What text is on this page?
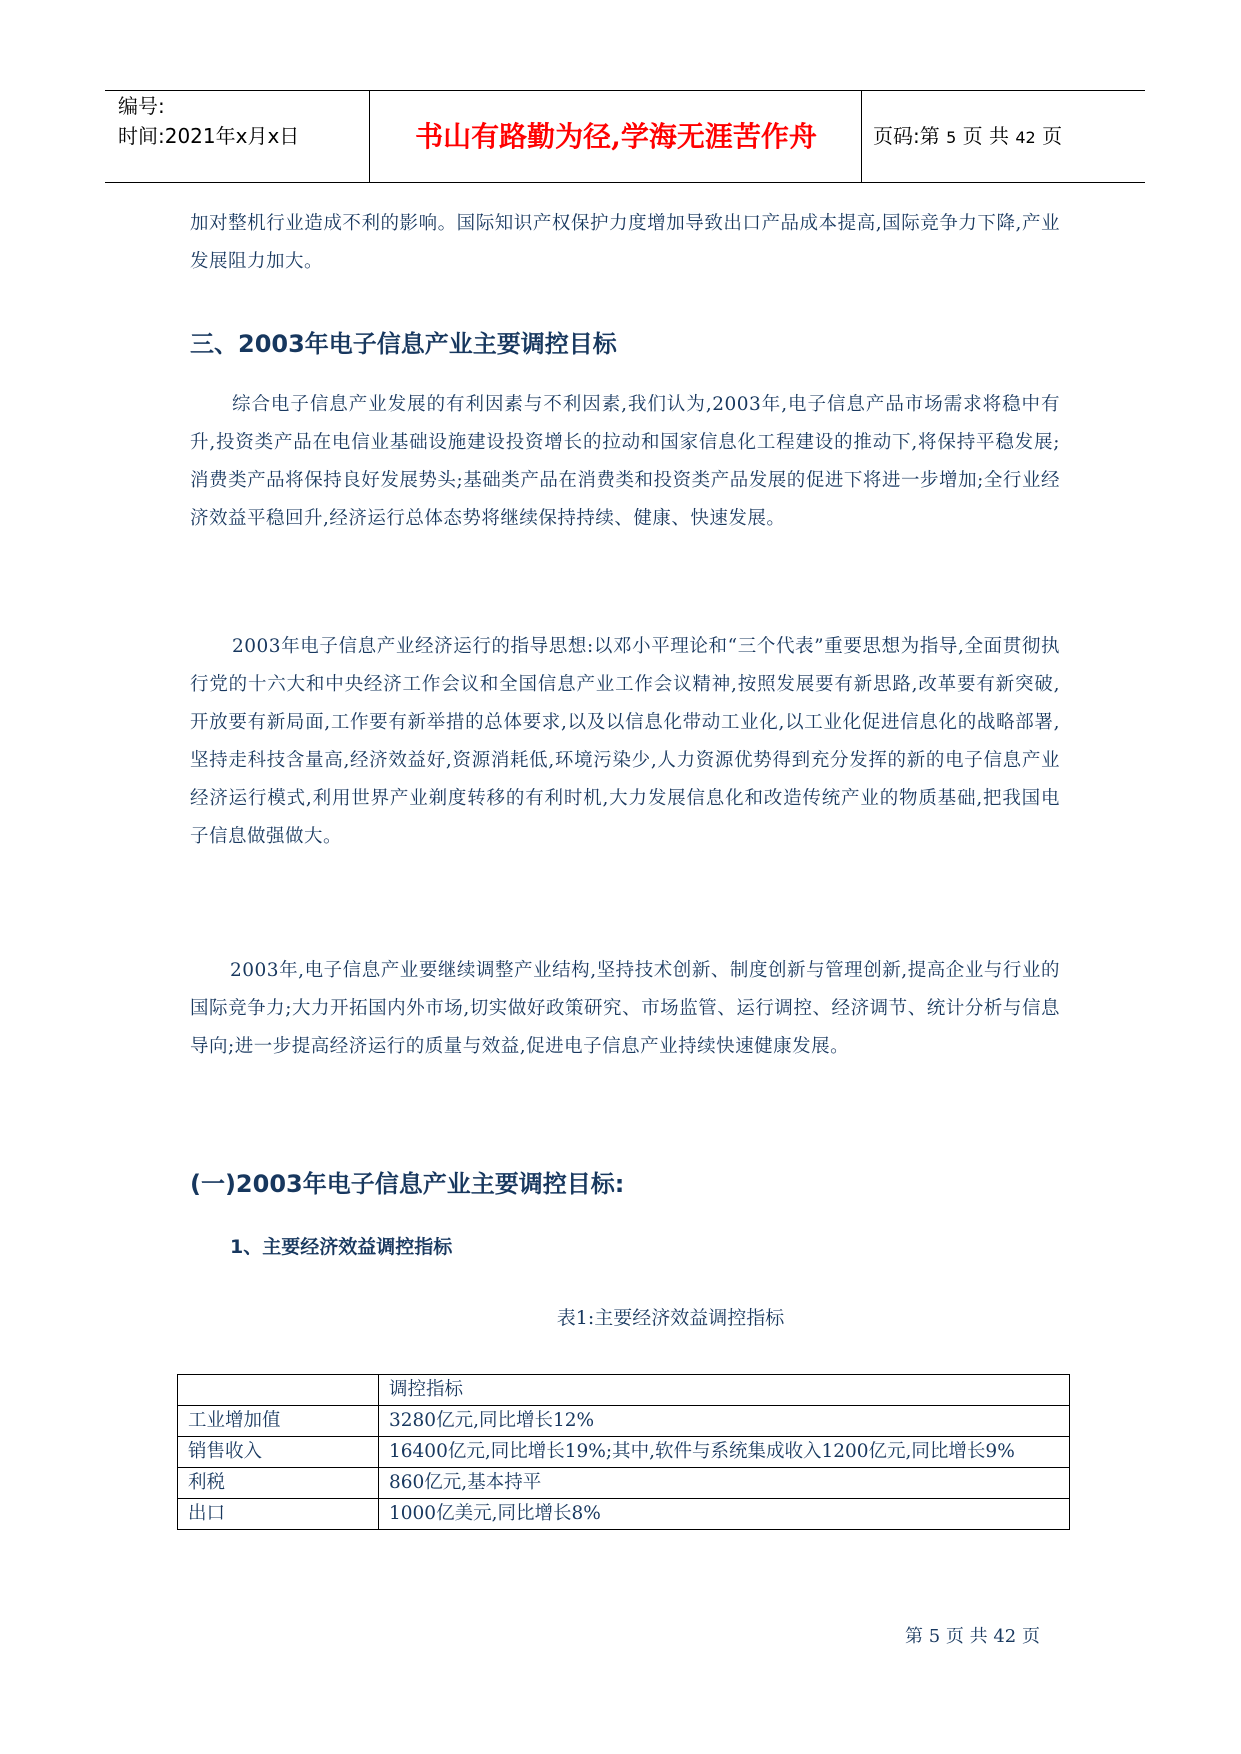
编号:
时间:2021年x月x日	书山有路勤为径,学海无涯苦作舟	页码:第 5 页 共 42 页

加对整机行业造成不利的影响。国际知识产权保护力度增加导致出口产品成本提高,国际竞争力下降,产业发展阻力加大。

三、2003年电子信息产业主要调控目标

综合电子信息产业发展的有利因素与不利因素,我们认为,2003年,电子信息产品市场需求将稳中有升,投资类产品在电信业基础设施建设投资增长的拉动和国家信息化工程建设的推动下,将保持平稳发展;消费类产品将保持良好发展势头;基础类产品在消费类和投资类产品发展的促进下将进一步增加;全行业经济效益平稳回升,经济运行总体态势将继续保持持续、健康、快速发展。

2003年电子信息产业经济运行的指导思想:以邓小平理论和“三个代表”重要思想为指导,全面贯彻执行党的十六大和中央经济工作会议和全国信息产业工作会议精神,按照发展要有新思路,改革要有新突破,开放要有新局面,工作要有新举措的总体要求,以及以信息化带动工业化,以工业化促进信息化的战略部署,坚持走科技含量高,经济效益好,资源消耗低,环境污染少,人力资源优势得到充分发挥的新的电子信息产业经济运行模式,利用世界产业剃度转移的有利时机,大力发展信息化和改造传统产业的物质基础,把我国电子信息做强做大。

2003年,电子信息产业要继续调整产业结构,坚持技术创新、制度创新与管理创新,提高企业与行业的国际竞争力;大力开拓国内外市场,切实做好政策研究、市场监管、运行调控、经济调节、统计分析与信息导向;进一步提高经济运行的质量与效益,促进电子信息产业持续快速健康发展。

(一)2003年电子信息产业主要调控目标:
1、主要经济效益调控指标
表1:主要经济效益调控指标
	调控指标
工业增加值	3280亿元,同比增长12%
销售收入	16400亿元,同比增长19%;其中,软件与系统集成收入1200亿元,同比增长9%
利税	860亿元,基本持平
出口	1000亿美元,同比增长8%
第 5 页 共 42 页
